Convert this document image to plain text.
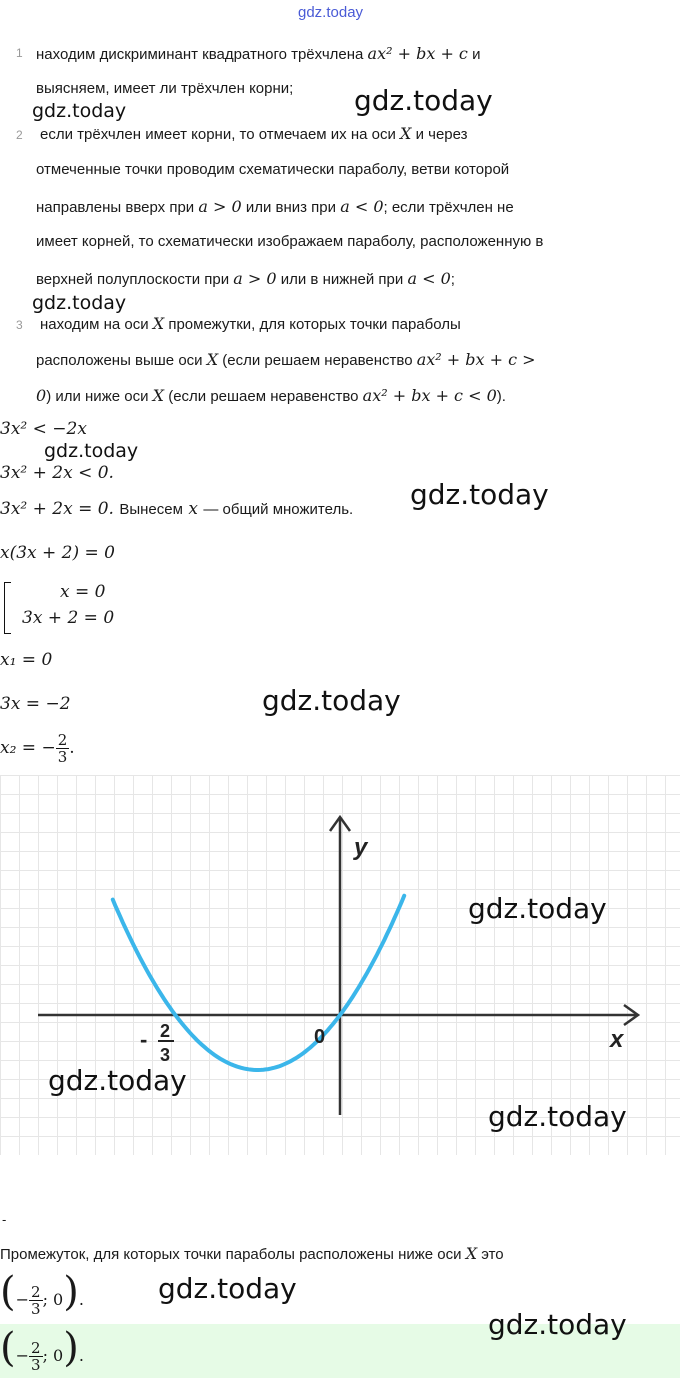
gdz.today
1 находим дискриминант квадратного трёхчлена ax² + bx + c и
выясняем, имеет ли трёхчлен корни;
2 если трёхчлен имеет корни, то отмечаем их на оси X и через
отмеченные точки проводим схематически параболу, ветви которой
направлены вверх при a > 0 или вниз при a < 0; если трёхчлен не
имеет корней, то схематически изображаем параболу, расположенную в
верхней полуплоскости при a > 0 или в нижней при a < 0;
3 находим на оси X промежутки, для которых точки параболы
расположены выше оси X (если решаем неравенство ax² + bx + c >
0) или ниже оси X (если решаем неравенство ax² + bx + c < 0).
3x² < −2x
3x² + 2x < 0.
3x² + 2x = 0. Вынесем x — общий множитель.
x(3x + 2) = 0
x = 0
3x + 2 = 0
x₁ = 0
3x = −2
x₂ = − $\frac{2}{3}$ .
y
x
0
- 2
3
-
Промежуток, для которых точки параболы расположены ниже оси X это
(− $\frac{2}{3}$ ; 0).
(− $\frac{2}{3}$ ; 0).
gdz.today	gdz.today
gdz.today
gdz.today
gdz.today
gdz.today
gdz.today
gdz.today
gdz.today
gdz.today
gdz.today
